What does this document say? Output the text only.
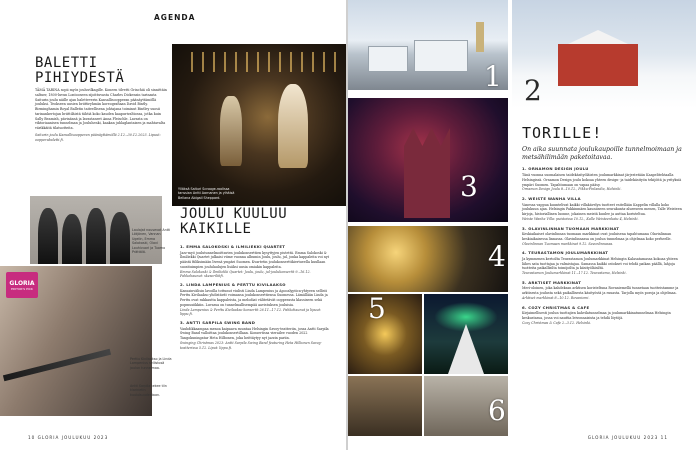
AGENDA
BALETTI PIHIYDESTÄ

TÄMÄ TARINA sopii myös jouluvilkagille. Koneen tilvetti Grinchiä oli sinnittäin saltuer, 1800-luvun Lontooseen sijoittuvasta Charles Dickensin tarinasta Saiturin joulu näille ajan baletteverin Kansallisoopperan päänäyttämöllä jouluksi. Teokseen uusien briittiryhmän koreografiaan David Bintly. Birminghamin Royal Balletin taiteellisena johtajana toiminut Bintley suosii tarinankertojan briittiläistä tähtiä koko kauden kaapurivaltiossa, jotka kuin Sally Beamish, pävinänsä ja lavastaneet Anna Fleischle. Lavasta on viktoriaanisen tunnelman ja Jouluhenki, kaakan juhlaglantaisen ja mahtavalta värikkäitä tilatuotteita.

Saiturin joulu Kansallisoopperan päänäyttämöllä 2.12.–30.12.2023. Lipuut: oopperabaletti.fi.

Ylläksä Saituri Scrooge-roolissa tanssian Antti Aarnanen ja ylhäisä Bellana Abigail Sheppard.
Laulajat nousevat Antti Lötjönen, Vannan Ugelin, Emma Salokoski, Olavi Louhivuori ja Tuomo Prättälä.
GLORIA
EDITOR'S PICK
Perttu Kivilaakso ja Linda Lampenius sellistosä joulun tunnelmaa.
Antti Sarpila tekee tiin klarinetin kuuluisuudestaan.
JOULU KUULUU KAIKILLE
1. EMMA SALOKOSKI & ILMILIEKKI QUARTET

Jazz-myö joulutunnelmoittavien joulukonserttien kysyttyjen pistettä. Emma Salokoski & Ilmiliekki Quartet julkaisi viime vuonna albumin Joulu, joulu, jul, jonka kappaleita voi nyt päästä fiiliksimään livenä ympäri Suomen. Kvartetin joulukonserttikiertueella kuullaan suosituimpien joululaulujen lisäksi uusia omiakin kappaleita.

Emma Salokoski & Ilmiliekki Quartet: Joulu, joulu, jul-joulukonsertit 9.–16.12. Pahkohaunut: skeseriliitfi.

2. LINDA LAMPENIUS & PERTTU KIVILAAKSO

Kansainvälisin lavoilla tottunut viulisti Linda Lampenius ja Apocalyptica-yhtyeen sellisti Perttu Kivilaakso yhdistävät voimansa joulukonserttiensa Suomessa. Lämällään Linda ja Perttu ovat rakkautta kappaleista, ja melodiat välitetävät oopperasta klassiseen sekä popmusiikkiin. Luvassa on tunnelmallisempää aavistuksen jouluisia.

Linda Lampenius & Perttu Kivilaakso konsertit 26.11.–17.12. Pahkohaunut ja lipuut: lippu.fi.

3. ANTTI SARPILA SWING BAND

Vauhdikkaampaa menoa kaipaava suuntaa Helsingin Savoy-teatteriin, jossa Antti Sarpila Swing Band valloittaa joulukonsertillaan. Konsertissa vierailee vuoden 2022 Tangokuningatar Heta Hilbonen, joka heittäytyy nyt jazzin pariin.

Swinging Christmas 2023: Antti Sarpila Swing Band featuring Heta Hilbonen Savoy-teatterissa 5.12. Liput: lippu.fi.

10 GLORIA JOULUKUU 2023
1 2
3
4
5
6
TORILLE!
On aika suunnata joulukaupoille tunnelmoimaan ja metsähilimään paketoitavaa.
1. ORNAMON DESIGN JOULU

Tänä vuonna suomalaisen taidekäsityöläisten joulumarkkinat järjestetään Kaapelitehtaalla Helsingissä. Ornamon Design joulu kokoaa yhteen design- ja taidekäsityön tekijöitä ja yrityksiä ympäri Suomen. Tapahtumaan on vapaa pääsy.

Ornamon Design Joulu 8.–10.12., Pikku-Finlandia, Helsinki.

2. WEISTE WANHA VILLA

Vanessa vappua kuuntelivat kaikki villakävelyn tuotteet esitellään Kappelin villalla koko joulukuun ajan. Helsingin Pakkinmäen kauniiseen seurakunta-alueeseen menen, Talle Weisteen kirjoja, historiallinen luonne, jokainen meistä kuulee ja auttaa koristeltua.

Weiste Wanha Villa: puistoissa 10.12., Kalle Weisteenkatu 4, Helsinki.

3. OLAVINLINNAN TUOMAAN MARKKINAT

Keskiaikaiset olavinlinnan tuomaan markkinat ovat jouluisena tapahtumana Olavinlinnan keskiaikaisessa linnassa. Olavinlinnassa on joulun tunnelmaa ja ohjelmaa koko perheelle.

Olavinlinnan Tuomaan markkinat 9.12. Savonlinnassa.

4. TEURASTAMON JOULUMARKKINAT

Ja kymmenen kertoilta Teurastamon Joulumarkkinat Helsingin Kalasatamassa kokoaa yhteen lähes sata tuottajaa ja valmistajaa. Samassa kaikki ostokset voi tehdä paikan päällä, lahjoja tuotteita paikallisilta toimijoilta ja käsityöläisiltä.

Teurastamon Joulumarkkinat 11.–17.12. Teurastamo, Helsinki.

5. ARKTISET MARKKINAT

Meri-oloinen, joka kahdeksan arktisen koristeltuna Rovaniemellä tunnetaan tuotteistamme ja arktisesta joulusta sekä paikallisesta käsityöstä ja ruuasta. Tarjolla myös poroja ja ohjelmaa.

Arktiset markkinat 8.–10.12. Rovaniemi.

6. COZY CHRISTMAS & CAFE

Kirjaimellisesti joulun tuottajien kahvilatunnelmaa ja joulumarkkinatunnelmaa Helsingin keskustassa, jossa voi nauttia leivonnaisista ja tehdä löytöjä.

Cozy Christmas & Cafe 2.–3.12. Helsinki.

GLORIA JOULUKUU 2023 11
